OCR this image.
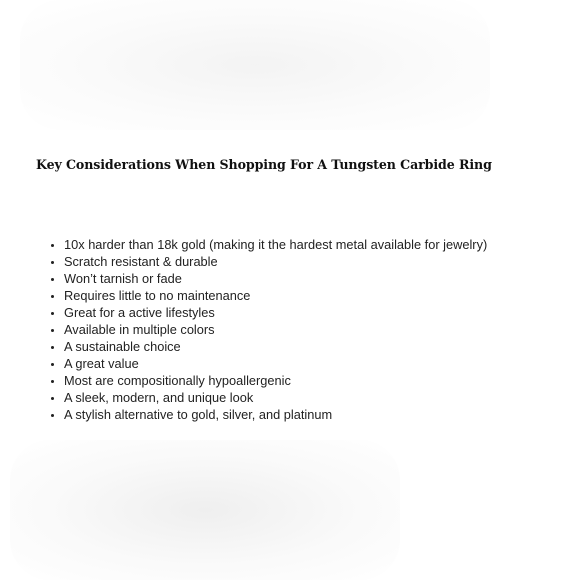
Key Considerations When Shopping For A Tungsten Carbide Ring
• 10x harder than 18k gold (making it the hardest metal available for jewelry)
• Scratch resistant & durable
• Won’t tarnish or fade
• Requires little to no maintenance
• Great for a active lifestyles
• Available in multiple colors
• A sustainable choice
• A great value
• Most are compositionally hypoallergenic
• A sleek, modern, and unique look
• A stylish alternative to gold, silver, and platinum
